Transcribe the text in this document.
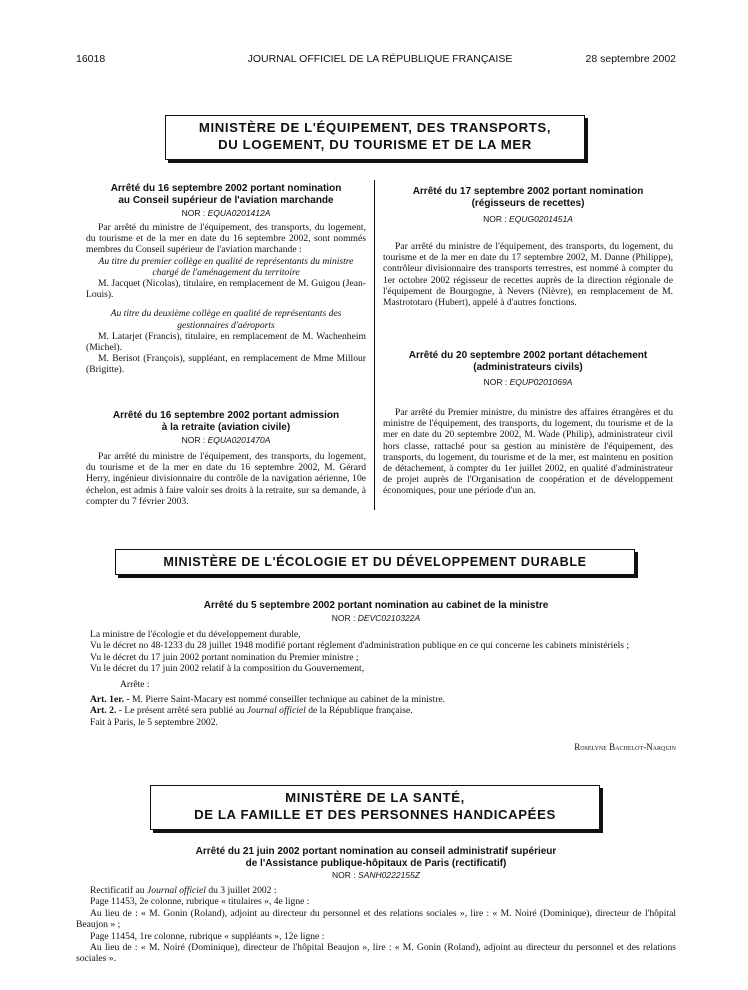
16018	JOURNAL OFFICIEL DE LA RÉPUBLIQUE FRANÇAISE	28 septembre 2002
MINISTÈRE DE L'ÉQUIPEMENT, DES TRANSPORTS,
DU LOGEMENT, DU TOURISME ET DE LA MER
Arrêté du 16 septembre 2002 portant nomination
au Conseil supérieur de l'aviation marchande
NOR : EQUA0201412A

Par arrêté du ministre de l'équipement, des transports, du logement, du tourisme et de la mer en date du 16 septembre 2002, sont nommés membres du Conseil supérieur de l'aviation marchande :

Au titre du premier collège en qualité de représentants du ministre chargé de l'aménagement du territoire

M. Jacquet (Nicolas), titulaire, en remplacement de M. Guigou (Jean-Louis).

Au titre du deuxième collège en qualité de représentants des gestionnaires d'aéroports

M. Latarjet (Francis), titulaire, en remplacement de M. Wachenheim (Michel).

M. Berisot (François), suppléant, en remplacement de Mme Millour (Brigitte).

Arrêté du 16 septembre 2002 portant admission
à la retraite (aviation civile)
NOR : EQUA0201470A

Par arrêté du ministre de l'équipement, des transports, du logement, du tourisme et de la mer en date du 16 septembre 2002, M. Gérard Herry, ingénieur divisionnaire du contrôle de la navigation aérienne, 10e échelon, est admis à faire valoir ses droits à la retraite, sur sa demande, à compter du 7 février 2003.

Arrêté du 17 septembre 2002 portant nomination
(régisseurs de recettes)
NOR : EQUG0201451A

Par arrêté du ministre de l'équipement, des transports, du logement, du tourisme et de la mer en date du 17 septembre 2002, M. Danne (Philippe), contrôleur divisionnaire des transports terrestres, est nommé à compter du 1er octobre 2002 régisseur de recettes auprès de la direction régionale de l'équipement de Bourgogne, à Nevers (Nièvre), en remplacement de M. Mastrototaro (Hubert), appelé à d'autres fonctions.

Arrêté du 20 septembre 2002 portant détachement
(administrateurs civils)
NOR : EQUP0201069A

Par arrêté du Premier ministre, du ministre des affaires étrangères et du ministre de l'équipement, des transports, du logement, du tourisme et de la mer en date du 20 septembre 2002, M. Wade (Philip), administrateur civil hors classe, rattaché pour sa gestion au ministère de l'équipement, des transports, du logement, du tourisme et de la mer, est maintenu en position de détachement, à compter du 1er juillet 2002, en qualité d'administrateur de projet auprès de l'Organisation de coopération et de développement économiques, pour une période d'un an.

MINISTÈRE DE L'ÉCOLOGIE ET DU DÉVELOPPEMENT DURABLE
Arrêté du 5 septembre 2002 portant nomination au cabinet de la ministre
NOR : DEVC0210322A

La ministre de l'écologie et du développement durable,

Vu le décret no 48-1233 du 28 juillet 1948 modifié portant règlement d'administration publique en ce qui concerne les cabinets ministériels ;

Vu le décret du 17 juin 2002 portant nomination du Premier ministre ;

Vu le décret du 17 juin 2002 relatif à la composition du Gouvernement,

Arrête :

Art. 1er. - M. Pierre Saint-Macary est nommé conseiller technique au cabinet de la ministre.

Art. 2. - Le présent arrêté sera publié au Journal officiel de la République française.

Fait à Paris, le 5 septembre 2002.

Roselyne Bachelot-Narquin
MINISTÈRE DE LA SANTÉ,
DE LA FAMILLE ET DES PERSONNES HANDICAPÉES
Arrêté du 21 juin 2002 portant nomination au conseil administratif supérieur
de l'Assistance publique-hôpitaux de Paris (rectificatif)
NOR : SANH0222155Z

Rectificatif au Journal officiel du 3 juillet 2002 :

Page 11453, 2e colonne, rubrique « titulaires », 4e ligne :

Au lieu de : « M. Gonin (Roland), adjoint au directeur du personnel et des relations sociales », lire : « M. Noiré (Dominique), directeur de l'hôpital Beaujon » ;

Page 11454, 1re colonne, rubrique « suppléants », 12e ligne :

Au lieu de : « M. Noiré (Dominique), directeur de l'hôpital Beaujon », lire : « M. Gonin (Roland), adjoint au directeur du personnel et des relations sociales ».
